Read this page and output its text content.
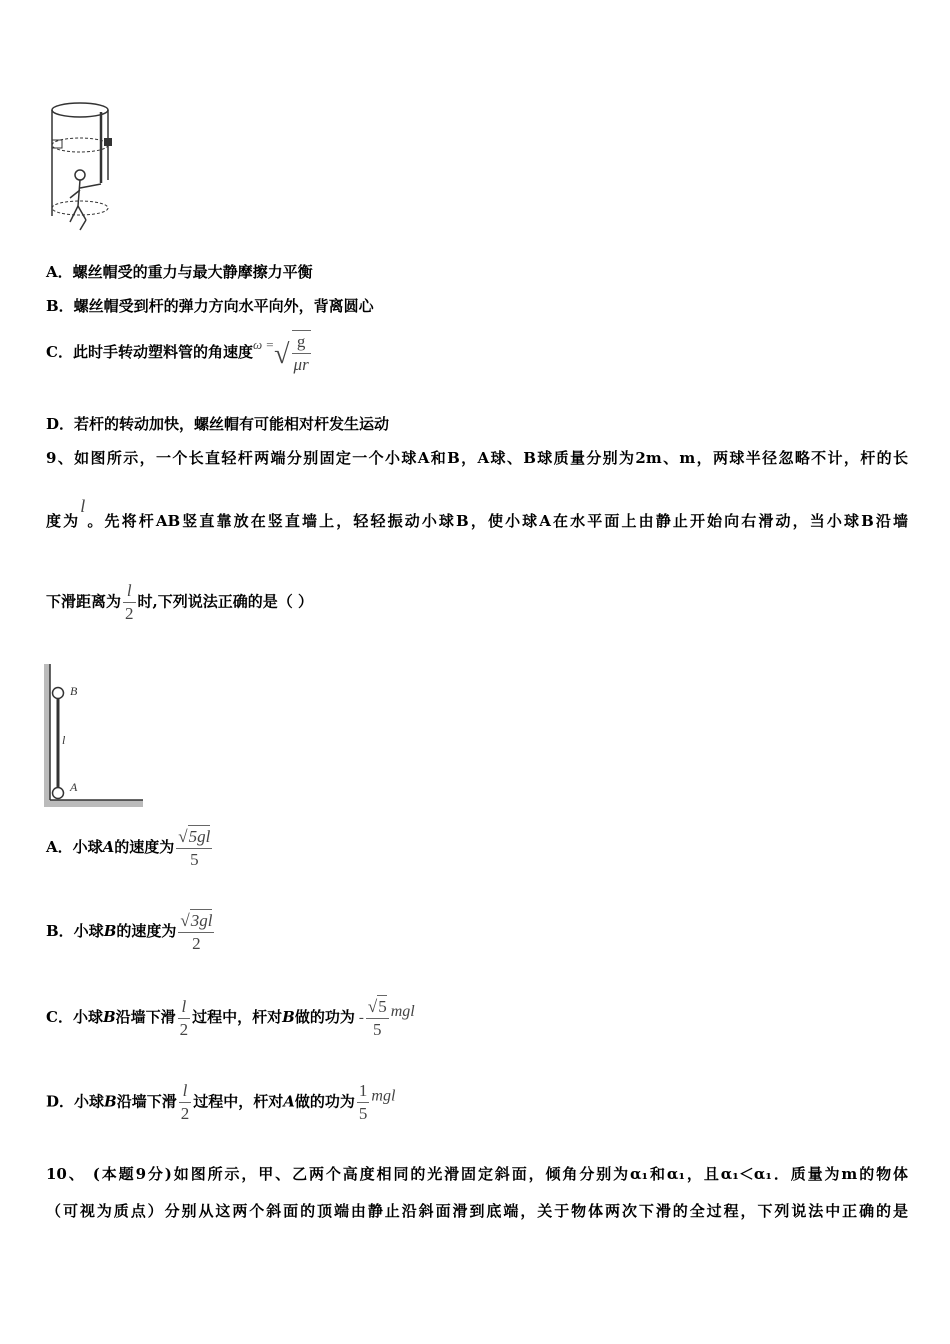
A．螺丝帽受的重力与最大静摩擦力平衡
B．螺丝帽受到杆的弹力方向水平向外，背离圆心
C．此时手转动塑料管的角速度ω =√ $\frac{g}{\mu r}$
D．若杆的转动加快，螺丝帽有可能相对杆发生运动
9、如图所示，一个长直轻杆两端分别固定一个小球A和B，A球、B球质量分别为2m、m，两球半径忽略不计，杆的长
度为l。先将杆AB竖直靠放在竖直墙上，轻轻振动小球B，使小球A在水平面上由静止开始向右滑动，当小球B沿墙
下滑距离为 $\frac{l}{2}$ 时,下列说法正确的是（ ）
B
A
l
A．小球A的速度为 $\frac{√5gl}{5}$
B．小球B的速度为 $\frac{√3gl}{2}$
C．小球B沿墙下滑 $\frac{l}{2}$ 过程中，杆对B做的功为 - $\frac{√5}{5}$ mgl
D．小球B沿墙下滑 $\frac{l}{2}$ 过程中，杆对A做的功为 $\frac{1}{5}$ mgl
10、 (本题9分)如图所示，甲、乙两个高度相同的光滑固定斜面，倾角分别为α₁和α₁，且α₁＜α₁．质量为m的物体
（可视为质点）分别从这两个斜面的顶端由静止沿斜面滑到底端，关于物体两次下滑的全过程，下列说法中正确的是
